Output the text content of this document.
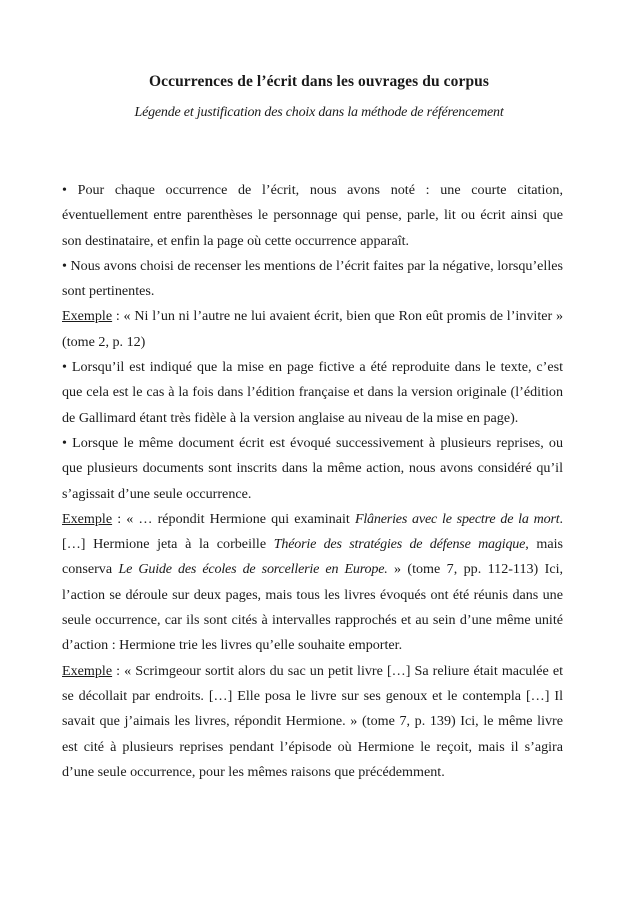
Occurrences de l’écrit dans les ouvrages du corpus
Légende et justification des choix dans la méthode de référencement

• Pour chaque occurrence de l’écrit, nous avons noté : une courte citation, éventuellement entre parenthèses le personnage qui pense, parle, lit ou écrit ainsi que son destinataire, et enfin la page où cette occurrence apparaît.

• Nous avons choisi de recenser les mentions de l’écrit faites par la négative, lorsqu’elles sont pertinentes.

Exemple : « Ni l’un ni l’autre ne lui avaient écrit, bien que Ron eût promis de l’inviter » (tome 2, p. 12)

• Lorsqu’il est indiqué que la mise en page fictive a été reproduite dans le texte, c’est que cela est le cas à la fois dans l’édition française et dans la version originale (l’édition de Gallimard étant très fidèle à la version anglaise au niveau de la mise en page).

• Lorsque le même document écrit est évoqué successivement à plusieurs reprises, ou que plusieurs documents sont inscrits dans la même action, nous avons considéré qu’il s’agissait d’une seule occurrence.

Exemple : « … répondit Hermione qui examinait Flâneries avec le spectre de la mort. […] Hermione jeta à la corbeille Théorie des stratégies de défense magique, mais conserva Le Guide des écoles de sorcellerie en Europe. » (tome 7, pp. 112-113) Ici, l’action se déroule sur deux pages, mais tous les livres évoqués ont été réunis dans une seule occurrence, car ils sont cités à intervalles rapprochés et au sein d’une même unité d’action : Hermione trie les livres qu’elle souhaite emporter.

Exemple : « Scrimgeour sortit alors du sac un petit livre […] Sa reliure était maculée et se décollait par endroits. […] Elle posa le livre sur ses genoux et le contempla […] Il savait que j’aimais les livres, répondit Hermione. » (tome 7, p. 139) Ici, le même livre est cité à plusieurs reprises pendant l’épisode où Hermione le reçoit, mais il s’agira d’une seule occurrence, pour les mêmes raisons que précédemment.
